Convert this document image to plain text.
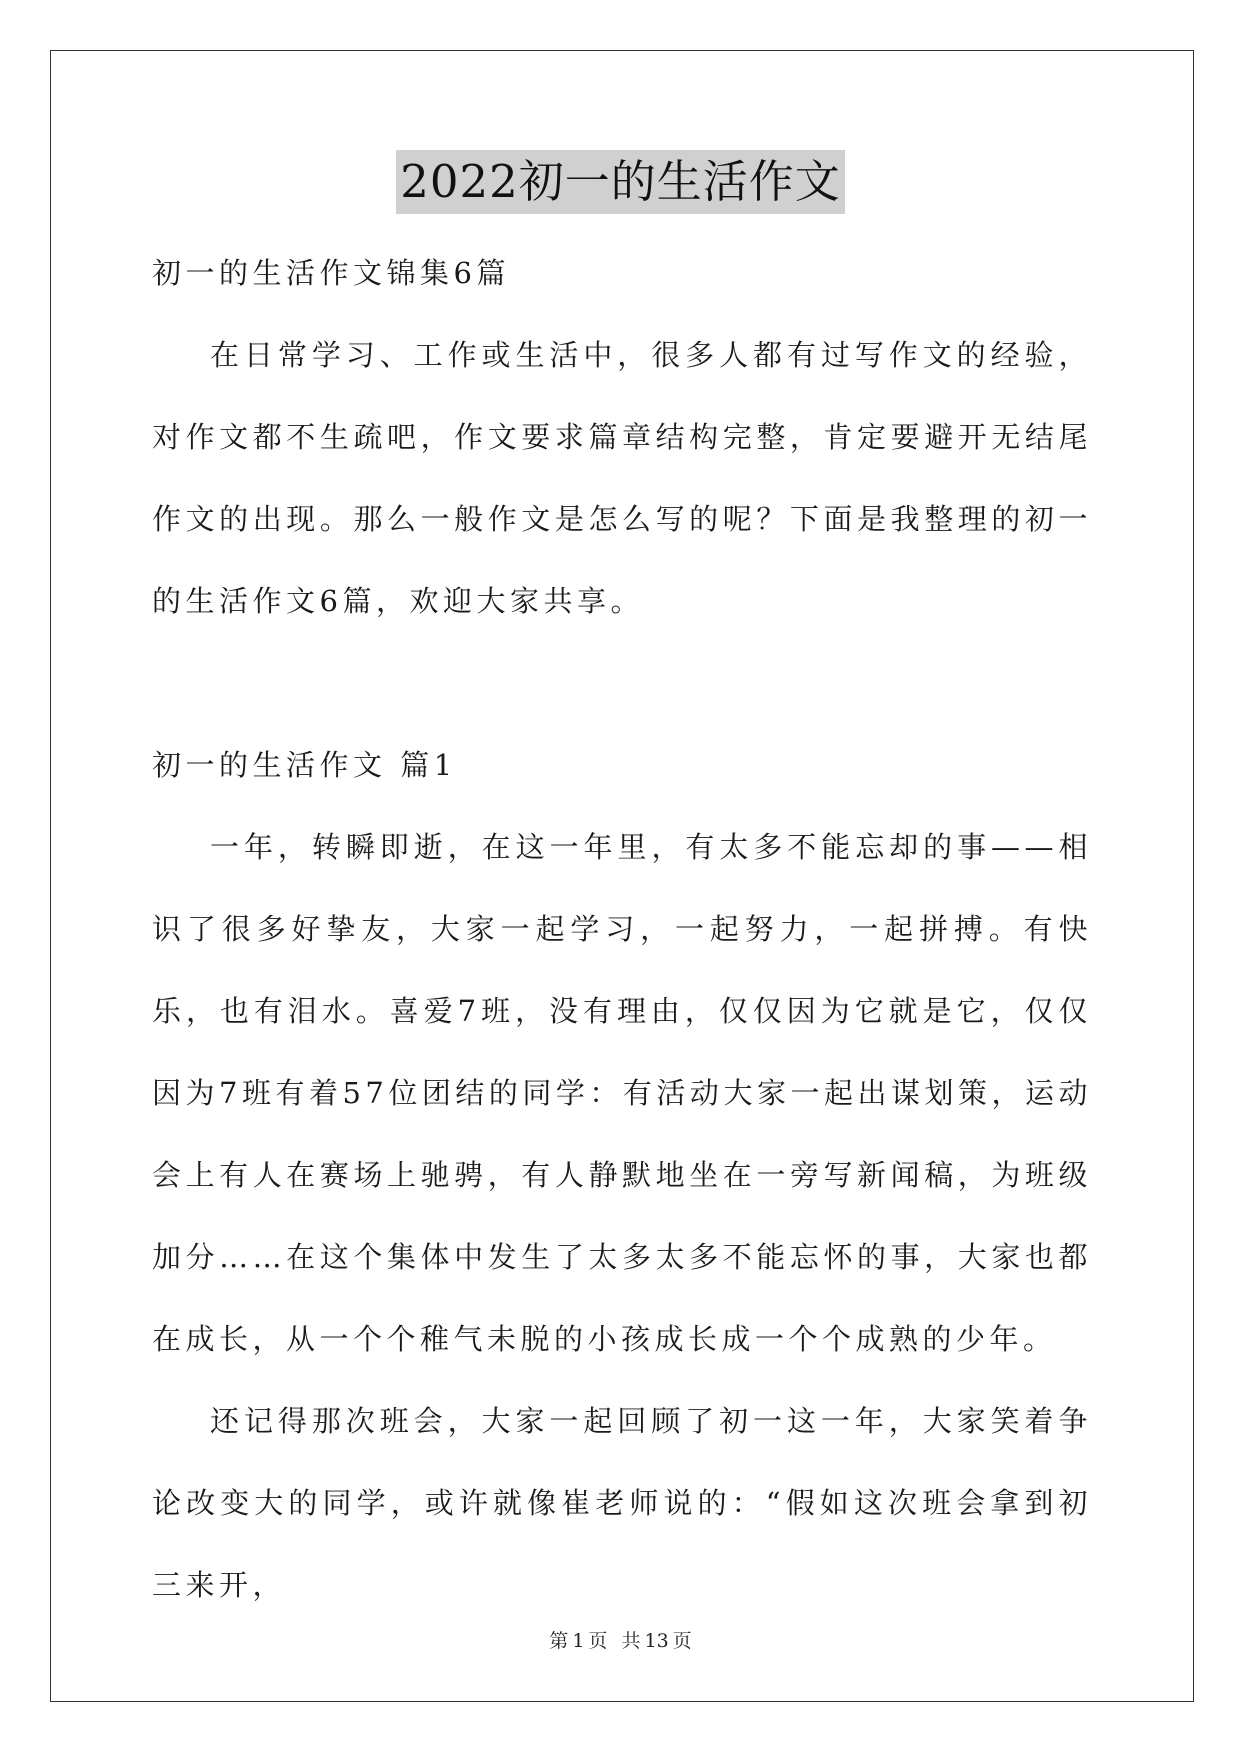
2022初一的生活作文
初一的生活作文锦集6篇

在日常学习、工作或生活中，很多人都有过写作文的经验，对作文都不生疏吧，作文要求篇章结构完整，肯定要避开无结尾作文的出现。那么一般作文是怎么写的呢？下面是我整理的初一的生活作文6篇，欢迎大家共享。

初一的生活作文 篇1

一年，转瞬即逝，在这一年里，有太多不能忘却的事——相识了很多好挚友，大家一起学习，一起努力，一起拼搏。有快乐，也有泪水。喜爱7班，没有理由，仅仅因为它就是它，仅仅因为7班有着57位团结的同学：有活动大家一起出谋划策，运动会上有人在赛场上驰骋，有人静默地坐在一旁写新闻稿，为班级加分……在这个集体中发生了太多太多不能忘怀的事，大家也都在成长，从一个个稚气未脱的小孩成长成一个个成熟的少年。

还记得那次班会，大家一起回顾了初一这一年，大家笑着争论改变大的同学，或许就像崔老师说的：“假如这次班会拿到初三来开，

第 1 页 共 13 页
